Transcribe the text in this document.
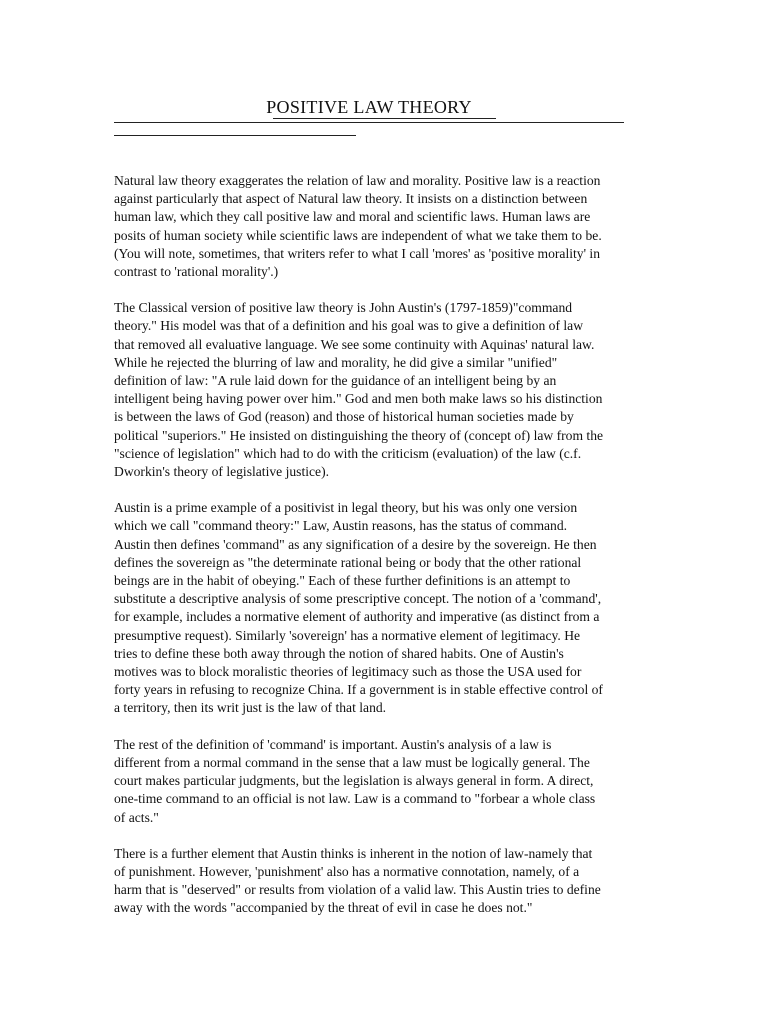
POSITIVE LAW THEORY
Natural law theory exaggerates the relation of law and morality. Positive law is a reaction
against particularly that aspect of Natural law theory. It insists on a distinction between
human law, which they call positive law and moral and scientific laws. Human laws are
posits of human society while scientific laws are independent of what we take them to be.
(You will note, sometimes, that writers refer to what I call 'mores' as 'positive morality' in
contrast to 'rational morality'.)
The Classical version of positive law theory is John Austin's (1797-1859)"command
theory." His model was that of a definition and his goal was to give a definition of law
that removed all evaluative language. We see some continuity with Aquinas' natural law.
While he rejected the blurring of law and morality, he did give a similar "unified"
definition of law: "A rule laid down for the guidance of an intelligent being by an
intelligent being having power over him." God and men both make laws so his distinction
is between the laws of God (reason) and those of historical human societies made by
political "superiors." He insisted on distinguishing the theory of (concept of) law from the
"science of legislation" which had to do with the criticism (evaluation) of the law (c.f.
Dworkin's theory of legislative justice).
Austin is a prime example of a positivist in legal theory, but his was only one version
which we call "command theory:" Law, Austin reasons, has the status of command.
Austin then defines 'command" as any signification of a desire by the sovereign. He then
defines the sovereign as "the determinate rational being or body that the other rational
beings are in the habit of obeying." Each of these further definitions is an attempt to
substitute a descriptive analysis of some prescriptive concept. The notion of a 'command',
for example, includes a normative element of authority and imperative (as distinct from a
presumptive request). Similarly 'sovereign' has a normative element of legitimacy. He
tries to define these both away through the notion of shared habits. One of Austin's
motives was to block moralistic theories of legitimacy such as those the USA used for
forty years in refusing to recognize China. If a government is in stable effective control of
a territory, then its writ just is the law of that land.
The rest of the definition of 'command' is important. Austin's analysis of a law is
different from a normal command in the sense that a law must be logically general. The
court makes particular judgments, but the legislation is always general in form. A direct,
one-time command to an official is not law. Law is a command to "forbear a whole class
of acts."
There is a further element that Austin thinks is inherent in the notion of law-namely that
of punishment. However, 'punishment' also has a normative connotation, namely, of a
harm that is "deserved" or results from violation of a valid law. This Austin tries to define
away with the words "accompanied by the threat of evil in case he does not."
